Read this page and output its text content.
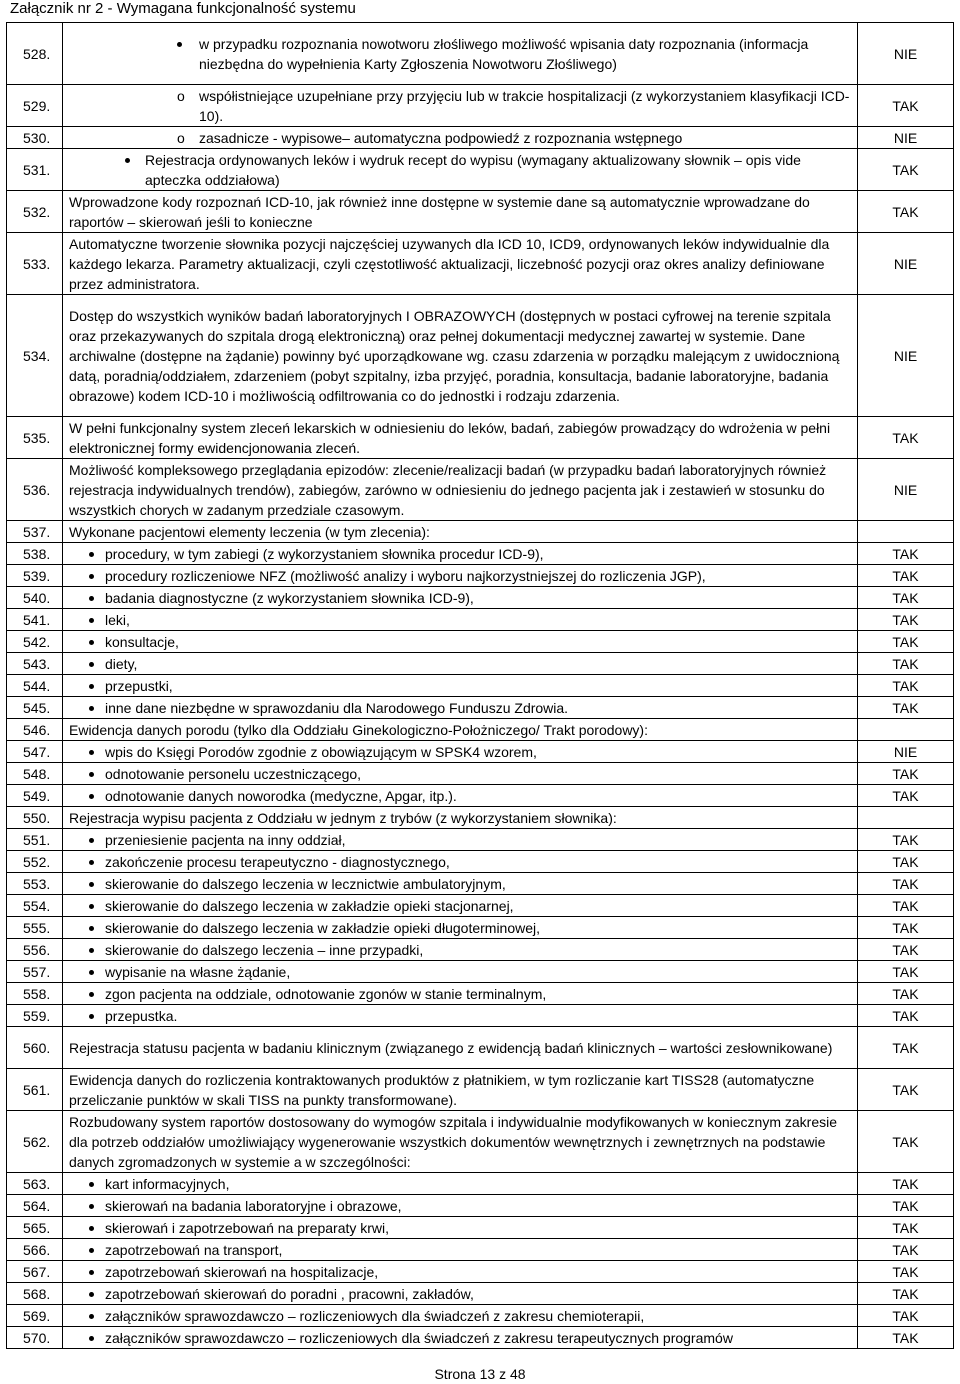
Załącznik nr 2 - Wymagana funkcjonalność systemu
528.	w przypadku rozpoznania nowotworu złośliwego możliwość wpisania daty rozpoznania (informacja niezbędna do wypełnienia Karty Zgłoszenia Nowotworu Złośliwego)	NIE
529.	o współistniejące uzupełniane przy przyjęciu lub w trakcie hospitalizacji (z wykorzystaniem klasyfikacji ICD-10).	TAK
530.	o zasadnicze - wypisowe– automatyczna podpowiedź z rozpoznania wstępnego	NIE
531.	Rejestracja ordynowanych leków i wydruk recept do wypisu (wymagany aktualizowany słownik – opis vide apteczka oddziałowa)	TAK
532.	Wprowadzone kody rozpoznań ICD-10, jak również inne dostępne w systemie dane są automatycznie wprowadzane do raportów – skierowań jeśli to konieczne	TAK
533.	Automatyczne tworzenie słownika pozycji najczęściej uzywanych dla ICD 10, ICD9, ordynowanych leków indywidualnie dla każdego lekarza. Parametry aktualizacji, czyli częstotliwość aktualizacji, liczebność pozycji oraz okres analizy definiowane przez administratora.	NIE
534.	Dostęp do wszystkich wyników badań laboratoryjnych I OBRAZOWYCH (dostępnych w postaci cyfrowej na terenie szpitala oraz przekazywanych do szpitala drogą elektroniczną) oraz pełnej dokumentacji medycznej zawartej w systemie. Dane archiwalne (dostępne na żądanie) powinny być uporządkowane wg. czasu zdarzenia w porządku malejącym z uwidocznioną datą, poradnią/oddziałem, zdarzeniem (pobyt szpitalny, izba przyjęć, poradnia, konsultacja, badanie laboratoryjne, badania obrazowe) kodem ICD-10 i możliwością odfiltrowania co do jednostki i rodzaju zdarzenia.	NIE
535.	W pełni funkcjonalny system zleceń lekarskich w odniesieniu do leków, badań, zabiegów prowadzący do wdrożenia w pełni elektronicznej formy ewidencjonowania zleceń.	TAK
536.	Możliwość kompleksowego przeglądania epizodów: zlecenie/realizacji badań (w przypadku badań laboratoryjnych również rejestracja indywidualnych trendów), zabiegów, zarówno w odniesieniu do jednego pacjenta jak i zestawień w stosunku do wszystkich chorych w zadanym przedziale czasowym.	NIE
537.	Wykonane pacjentowi elementy leczenia (w tym zlecenia):	

538.	procedury, w tym zabiegi (z wykorzystaniem słownika procedur ICD-9),	TAK
539.	procedury rozliczeniowe NFZ (możliwość analizy i wyboru najkorzystniejszej do rozliczenia JGP),	TAK
540.	badania diagnostyczne (z wykorzystaniem słownika ICD-9),	TAK
541.	leki,	TAK
542.	konsultacje,	TAK
543.	diety,	TAK
544.	przepustki,	TAK
545.	inne dane niezbędne w sprawozdaniu dla Narodowego Funduszu Zdrowia.	TAK
546.	Ewidencja danych porodu (tylko dla Oddziału Ginekologiczno-Położniczego/ Trakt porodowy):	

547.	wpis do Księgi Porodów zgodnie z obowiązującym w SPSK4 wzorem,	NIE
548.	odnotowanie personelu uczestniczącego,	TAK
549.	odnotowanie danych noworodka (medyczne, Apgar, itp.).	TAK
550.	Rejestracja wypisu pacjenta z Oddziału w jednym z trybów (z wykorzystaniem słownika):	

551.	przeniesienie pacjenta na inny oddział,	TAK
552.	zakończenie procesu terapeutyczno - diagnostycznego,	TAK
553.	skierowanie do dalszego leczenia w lecznictwie ambulatoryjnym,	TAK
554.	skierowanie do dalszego leczenia w zakładzie opieki stacjonarnej,	TAK
555.	skierowanie do dalszego leczenia w zakładzie opieki długoterminowej,	TAK
556.	skierowanie do dalszego leczenia – inne przypadki,	TAK
557.	wypisanie na własne żądanie,	TAK
558.	zgon pacjenta na oddziale, odnotowanie zgonów w stanie terminalnym,	TAK
559.	przepustka.	TAK
560.	Rejestracja statusu pacjenta w badaniu klinicznym (związanego z ewidencją badań klinicznych – wartości zesłownikowane)	TAK
561.	Ewidencja danych do rozliczenia kontraktowanych produktów z płatnikiem, w tym rozliczanie kart TISS28 (automatyczne przeliczanie punktów w skali TISS na punkty transformowane).	TAK
562.	Rozbudowany system raportów dostosowany do wymogów szpitala i indywidualnie modyfikowanych w koniecznym zakresie dla potrzeb oddziałów umożliwiający wygenerowanie wszystkich dokumentów wewnętrznych i zewnętrznych na podstawie danych zgromadzonych w systemie a w szczególności:	TAK
563.	kart informacyjnych,	TAK
564.	skierowań na badania laboratoryjne i obrazowe,	TAK
565.	skierowań i zapotrzebowań na preparaty krwi,	TAK
566.	zapotrzebowań na transport,	TAK
567.	zapotrzebowań skierowań na hospitalizacje,	TAK
568.	zapotrzebowań skierowań do poradni , pracowni, zakładów,	TAK
569.	załączników sprawozdawczo – rozliczeniowych dla świadczeń z zakresu chemioterapii,	TAK
570.	załączników sprawozdawczo – rozliczeniowych dla świadczeń z zakresu terapeutycznych programów	TAK
Strona 13 z 48
